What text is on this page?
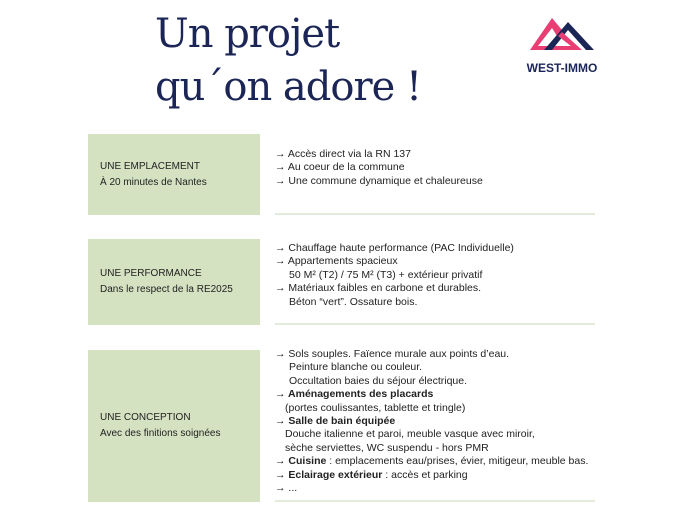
Un projet
qu´on adore !	WEST-IMMO
UNE EMPLACEMENT
À 20 minutes de Nantes
→ Accès direct via la RN 137
→ Au coeur de la commune
→ Une commune dynamique et chaleureuse
UNE PERFORMANCE
Dans le respect de la RE2025
→ Chauffage haute performance (PAC Individuelle)
→ Appartements spacieux
50 M² (T2) / 75 M² (T3) + extérieur privatif
→ Matériaux faibles en carbone et durables.
Béton “vert”. Ossature bois.
UNE CONCEPTION
Avec des finitions soignées
→ Sols souples. Faïence murale aux points d’eau.
Peinture blanche ou couleur.
Occultation baies du séjour électrique.
→ Aménagements des placards
(portes coulissantes, tablette et tringle)
→ Salle de bain équipée
Douche italienne et paroi, meuble vasque avec miroir,
sèche serviettes, WC suspendu - hors PMR
→ Cuisine : emplacements eau/prises, évier, mitigeur, meuble bas.
→ Eclairage extérieur : accès et parking
→ ...
